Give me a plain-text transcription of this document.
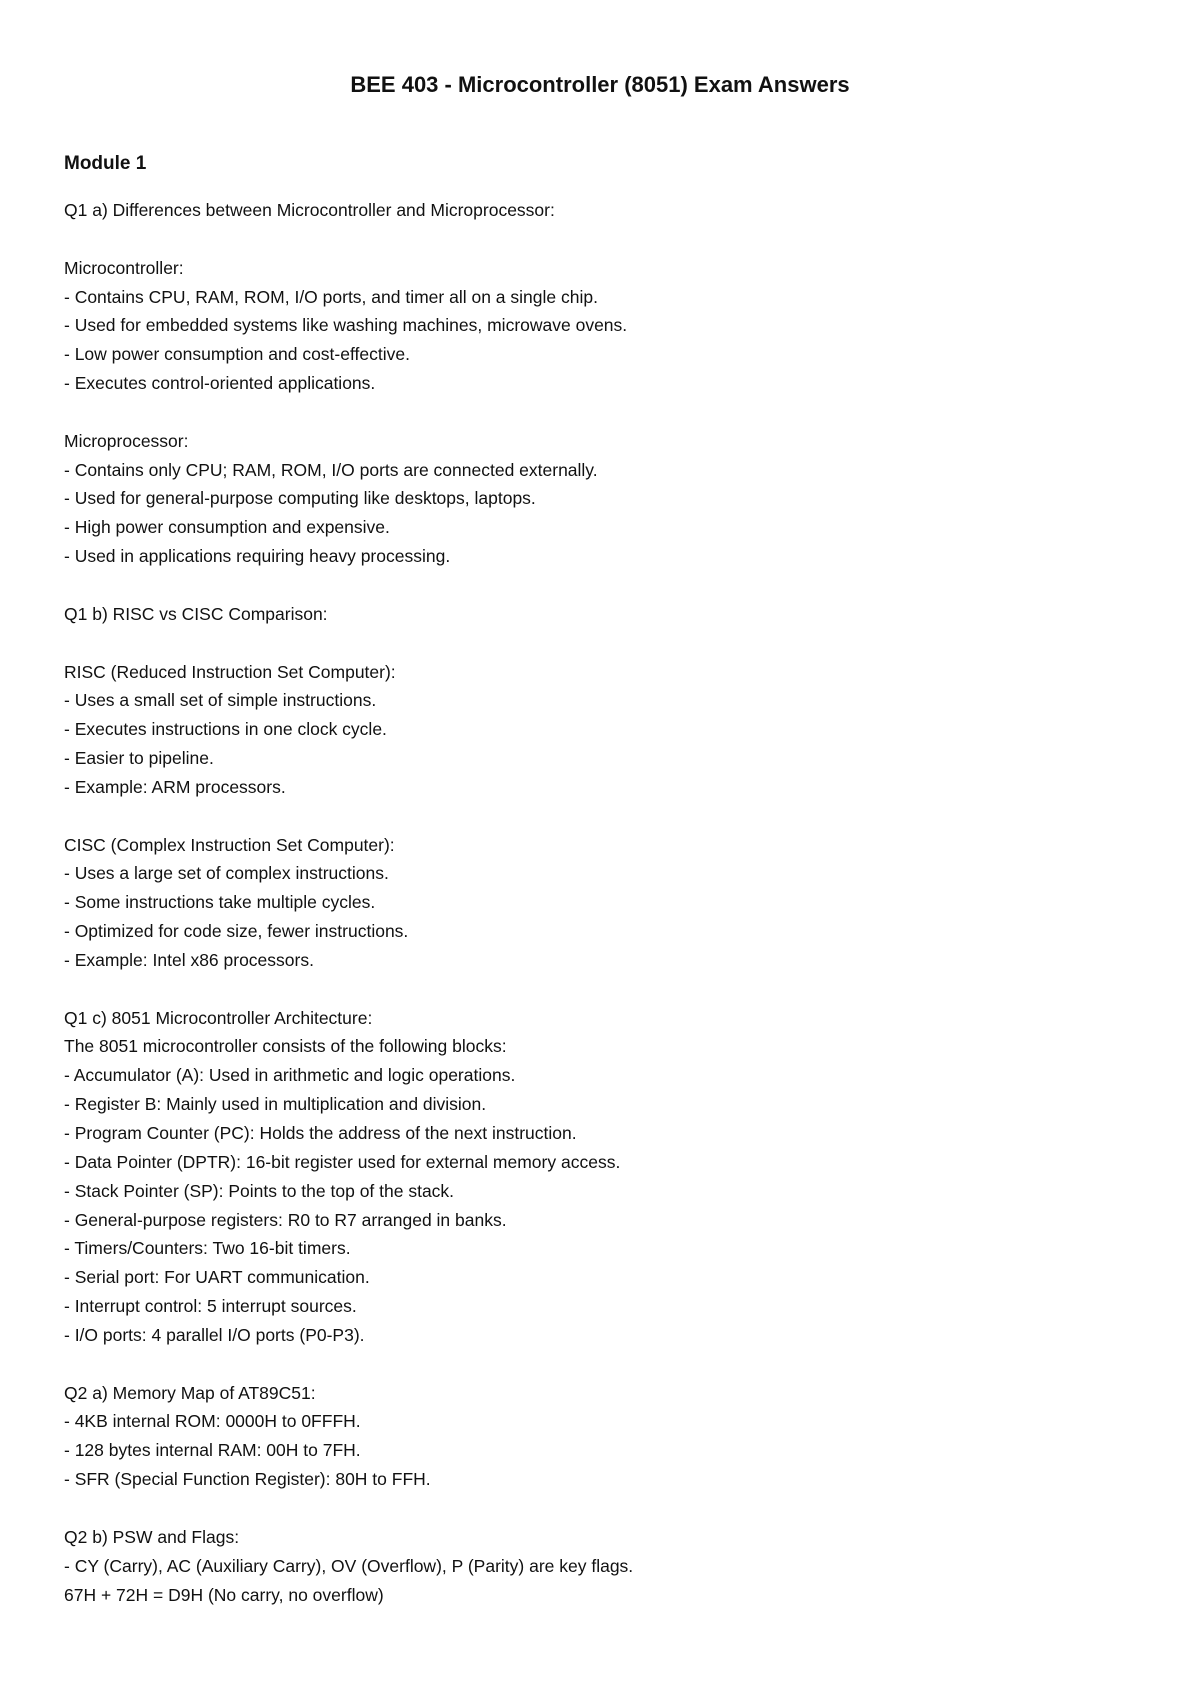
BEE 403 - Microcontroller (8051) Exam Answers
Module 1
Q1 a) Differences between Microcontroller and Microprocessor:
Microcontroller:
- Contains CPU, RAM, ROM, I/O ports, and timer all on a single chip.
- Used for embedded systems like washing machines, microwave ovens.
- Low power consumption and cost-effective.
- Executes control-oriented applications.
Microprocessor:
- Contains only CPU; RAM, ROM, I/O ports are connected externally.
- Used for general-purpose computing like desktops, laptops.
- High power consumption and expensive.
- Used in applications requiring heavy processing.
Q1 b) RISC vs CISC Comparison:
RISC (Reduced Instruction Set Computer):
- Uses a small set of simple instructions.
- Executes instructions in one clock cycle.
- Easier to pipeline.
- Example: ARM processors.
CISC (Complex Instruction Set Computer):
- Uses a large set of complex instructions.
- Some instructions take multiple cycles.
- Optimized for code size, fewer instructions.
- Example: Intel x86 processors.
Q1 c) 8051 Microcontroller Architecture:
The 8051 microcontroller consists of the following blocks:
- Accumulator (A): Used in arithmetic and logic operations.
- Register B: Mainly used in multiplication and division.
- Program Counter (PC): Holds the address of the next instruction.
- Data Pointer (DPTR): 16-bit register used for external memory access.
- Stack Pointer (SP): Points to the top of the stack.
- General-purpose registers: R0 to R7 arranged in banks.
- Timers/Counters: Two 16-bit timers.
- Serial port: For UART communication.
- Interrupt control: 5 interrupt sources.
- I/O ports: 4 parallel I/O ports (P0-P3).
Q2 a) Memory Map of AT89C51:
- 4KB internal ROM: 0000H to 0FFFH.
- 128 bytes internal RAM: 00H to 7FH.
- SFR (Special Function Register): 80H to FFH.
Q2 b) PSW and Flags:
- CY (Carry), AC (Auxiliary Carry), OV (Overflow), P (Parity) are key flags.
67H + 72H = D9H (No carry, no overflow)
